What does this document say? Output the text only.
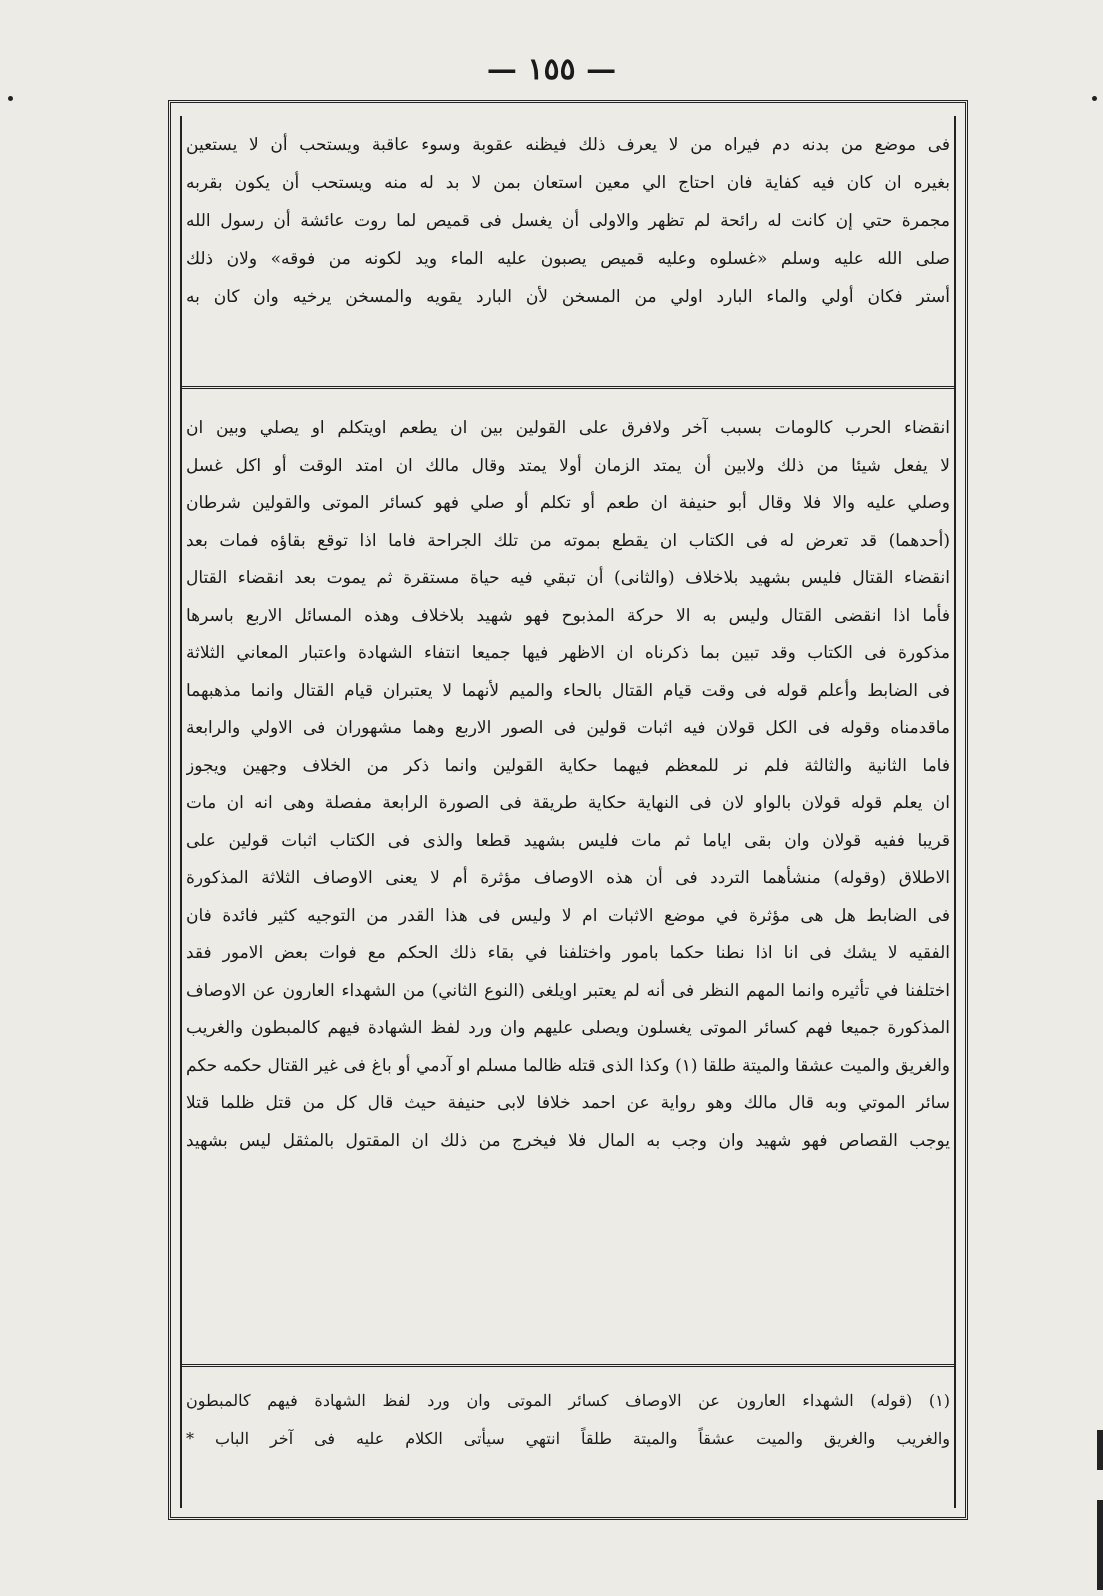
— ١٥٥ —
فى موضع من بدنه دم فيراه من لا يعرف ذلك فيظنه عقوبة وسوء عاقبة ويستحب أن لا يستعين
بغيره ان كان فيه كفاية فان احتاج الي معين استعان بمن لا بد له منه ويستحب أن يكون بقربه
مجمرة حتي إن كانت له رائحة لم تظهر والاولى أن يغسل فى قميص لما روت عائشة أن رسول الله
صلى الله عليه وسلم «غسلوه وعليه قميص يصبون عليه الماء ويد لكونه من فوقه» ولان ذلك
أستر فكان أولي والماء البارد اولي من المسخن لأن البارد يقويه والمسخن يرخيه وان كان به
انقضاء الحرب كالومات بسبب آخر ولافرق على القولين بين ان يطعم اويتكلم او يصلي وبين ان
لا يفعل شيئا من ذلك ولابين أن يمتد الزمان أولا يمتد وقال مالك ان امتد الوقت أو اكل غسل
وصلي عليه والا فلا وقال أبو حنيفة ان طعم أو تكلم أو صلي فهو كسائر الموتى والقولين شرطان
(أحدهما) قد تعرض له فى الكتاب ان يقطع بموته من تلك الجراحة فاما اذا توقع بقاؤه فمات بعد
انقضاء القتال فليس بشهيد بلاخلاف (والثانى) أن تبقي فيه حياة مستقرة ثم يموت بعد انقضاء القتال
فأما اذا انقضى القتال وليس به الا حركة المذبوح فهو شهيد بلاخلاف وهذه المسائل الاربع باسرها
مذكورة فى الكتاب وقد تبين بما ذكرناه ان الاظهر فيها جميعا انتفاء الشهادة واعتبار المعاني الثلاثة
فى الضابط وأعلم قوله فى وقت قيام القتال بالحاء والميم لأنهما لا يعتبران قيام القتال وانما مذهبهما
ماقدمناه وقوله فى الكل قولان فيه اثبات قولين فى الصور الاربع وهما مشهوران فى الاولي والرابعة
فاما الثانية والثالثة فلم نر للمعظم فيهما حكاية القولين وانما ذكر من الخلاف وجهين ويجوز
ان يعلم قوله قولان بالواو لان فى النهاية حكاية طريقة فى الصورة الرابعة مفصلة وهى انه ان مات
قريبا ففيه قولان وان بقى اياما ثم مات فليس بشهيد قطعا والذى فى الكتاب اثبات قولين على
الاطلاق (وقوله) منشأهما التردد فى أن هذه الاوصاف مؤثرة أم لا يعنى الاوصاف الثلاثة المذكورة
فى الضابط هل هى مؤثرة في موضع الاثبات ام لا وليس فى هذا القدر من التوجيه كثير فائدة فان
الفقيه لا يشك فى انا اذا نطنا حكما بامور واختلفنا في بقاء ذلك الحكم مع فوات بعض الامور فقد
اختلفنا في تأثيره وانما المهم النظر فى أنه لم يعتبر اويلغى (النوع الثاني) من الشهداء العارون عن الاوصاف
المذكورة جميعا فهم كسائر الموتى يغسلون ويصلى عليهم وان ورد لفظ الشهادة فيهم كالمبطون والغريب
والغريق والميت عشقا والميتة طلقا (١) وكذا الذى قتله ظالما مسلم او آدمي أو باغ فى غير القتال حكمه حكم
سائر الموتي وبه قال مالك وهو رواية عن احمد خلافا لابى حنيفة حيث قال كل من قتل ظلما قتلا
يوجب القصاص فهو شهيد وان وجب به المال فلا فيخرج من ذلك ان المقتول بالمثقل ليس بشهيد
(١) (قوله) الشهداء العارون عن الاوصاف كسائر الموتى وان ورد لفظ الشهادة فيهم كالمبطون
والغريب والغريق والميت عشقاً والميتة طلقاً انتهي سيأتى الكلام عليه فى آخر الباب *
